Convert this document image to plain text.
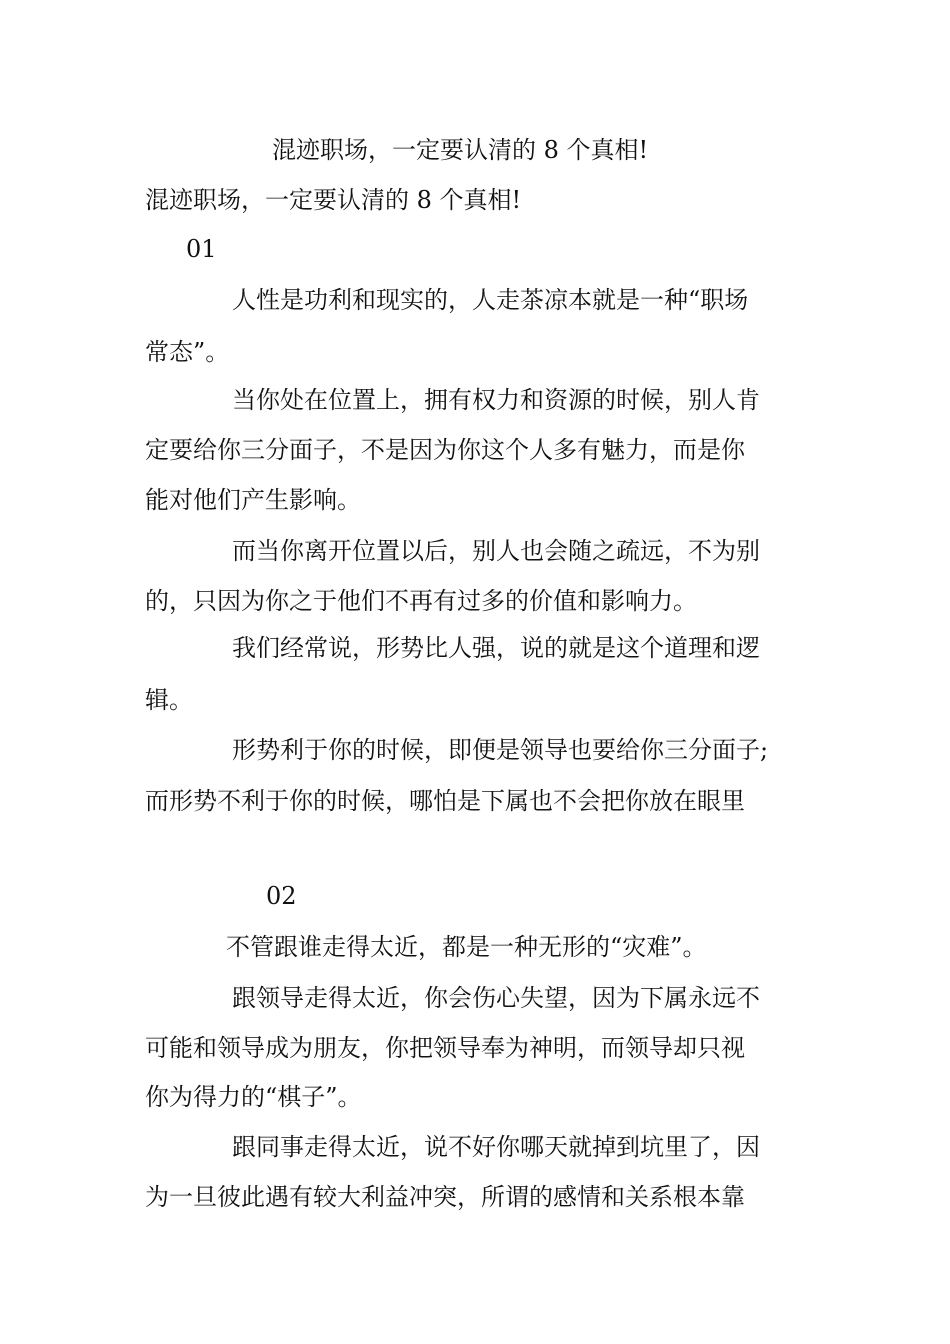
混迹职场，一定要认清的 8 个真相!
混迹职场，一定要认清的 8 个真相!
01
人性是功利和现实的，人走茶凉本就是一种“职场
常态”。
当你处在位置上，拥有权力和资源的时候，别人肯
定要给你三分面子，不是因为你这个人多有魅力，而是你
能对他们产生影响。
而当你离开位置以后，别人也会随之疏远，不为别
的，只因为你之于他们不再有过多的价值和影响力。
我们经常说，形势比人强，说的就是这个道理和逻
辑。
形势利于你的时候，即便是领导也要给你三分面子;
而形势不利于你的时候，哪怕是下属也不会把你放在眼里
02
不管跟谁走得太近，都是一种无形的“灾难”。
跟领导走得太近，你会伤心失望，因为下属永远不
可能和领导成为朋友，你把领导奉为神明，而领导却只视
你为得力的“棋子”。
跟同事走得太近，说不好你哪天就掉到坑里了，因
为一旦彼此遇有较大利益冲突，所谓的感情和关系根本靠
